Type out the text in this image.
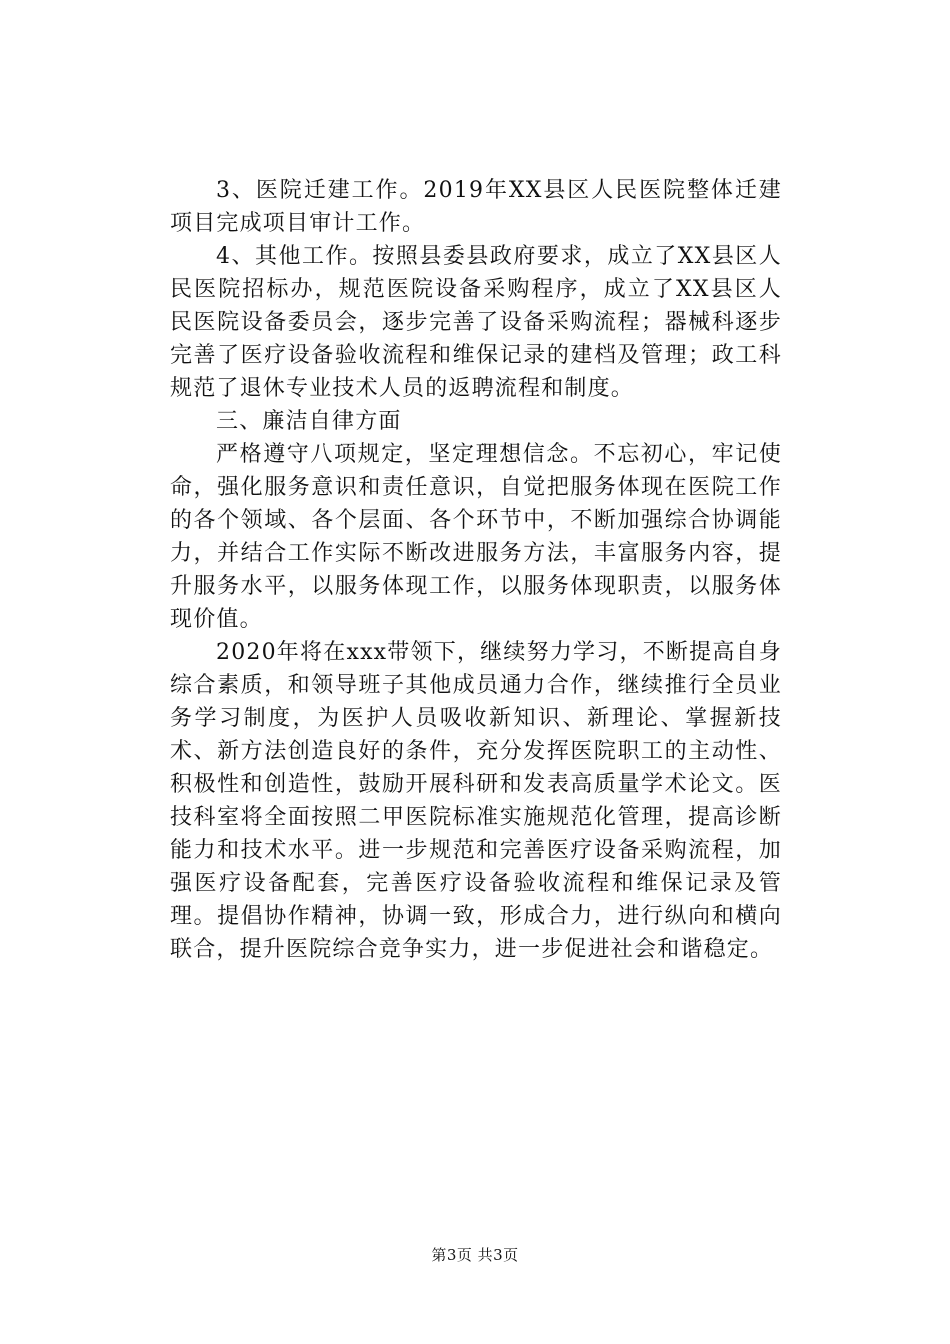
3、医院迁建工作。2019年XX县区人民医院整体迁建项目完成项目审计工作。

4、其他工作。按照县委县政府要求，成立了XX县区人民医院招标办，规范医院设备采购程序，成立了XX县区人民医院设备委员会，逐步完善了设备采购流程；器械科逐步完善了医疗设备验收流程和维保记录的建档及管理；政工科规范了退休专业技术人员的返聘流程和制度。

三、廉洁自律方面

严格遵守八项规定，坚定理想信念。不忘初心，牢记使命，强化服务意识和责任意识，自觉把服务体现在医院工作的各个领域、各个层面、各个环节中，不断加强综合协调能力，并结合工作实际不断改进服务方法，丰富服务内容，提升服务水平，以服务体现工作，以服务体现职责，以服务体现价值。

2020年将在xxx带领下，继续努力学习，不断提高自身综合素质，和领导班子其他成员通力合作，继续推行全员业务学习制度，为医护人员吸收新知识、新理论、掌握新技术、新方法创造良好的条件，充分发挥医院职工的主动性、积极性和创造性，鼓励开展科研和发表高质量学术论文。医技科室将全面按照二甲医院标准实施规范化管理，提高诊断能力和技术水平。进一步规范和完善医疗设备采购流程，加强医疗设备配套，完善医疗设备验收流程和维保记录及管理。提倡协作精神，协调一致，形成合力，进行纵向和横向联合，提升医院综合竞争实力，进一步促进社会和谐稳定。

第3页 共3页
